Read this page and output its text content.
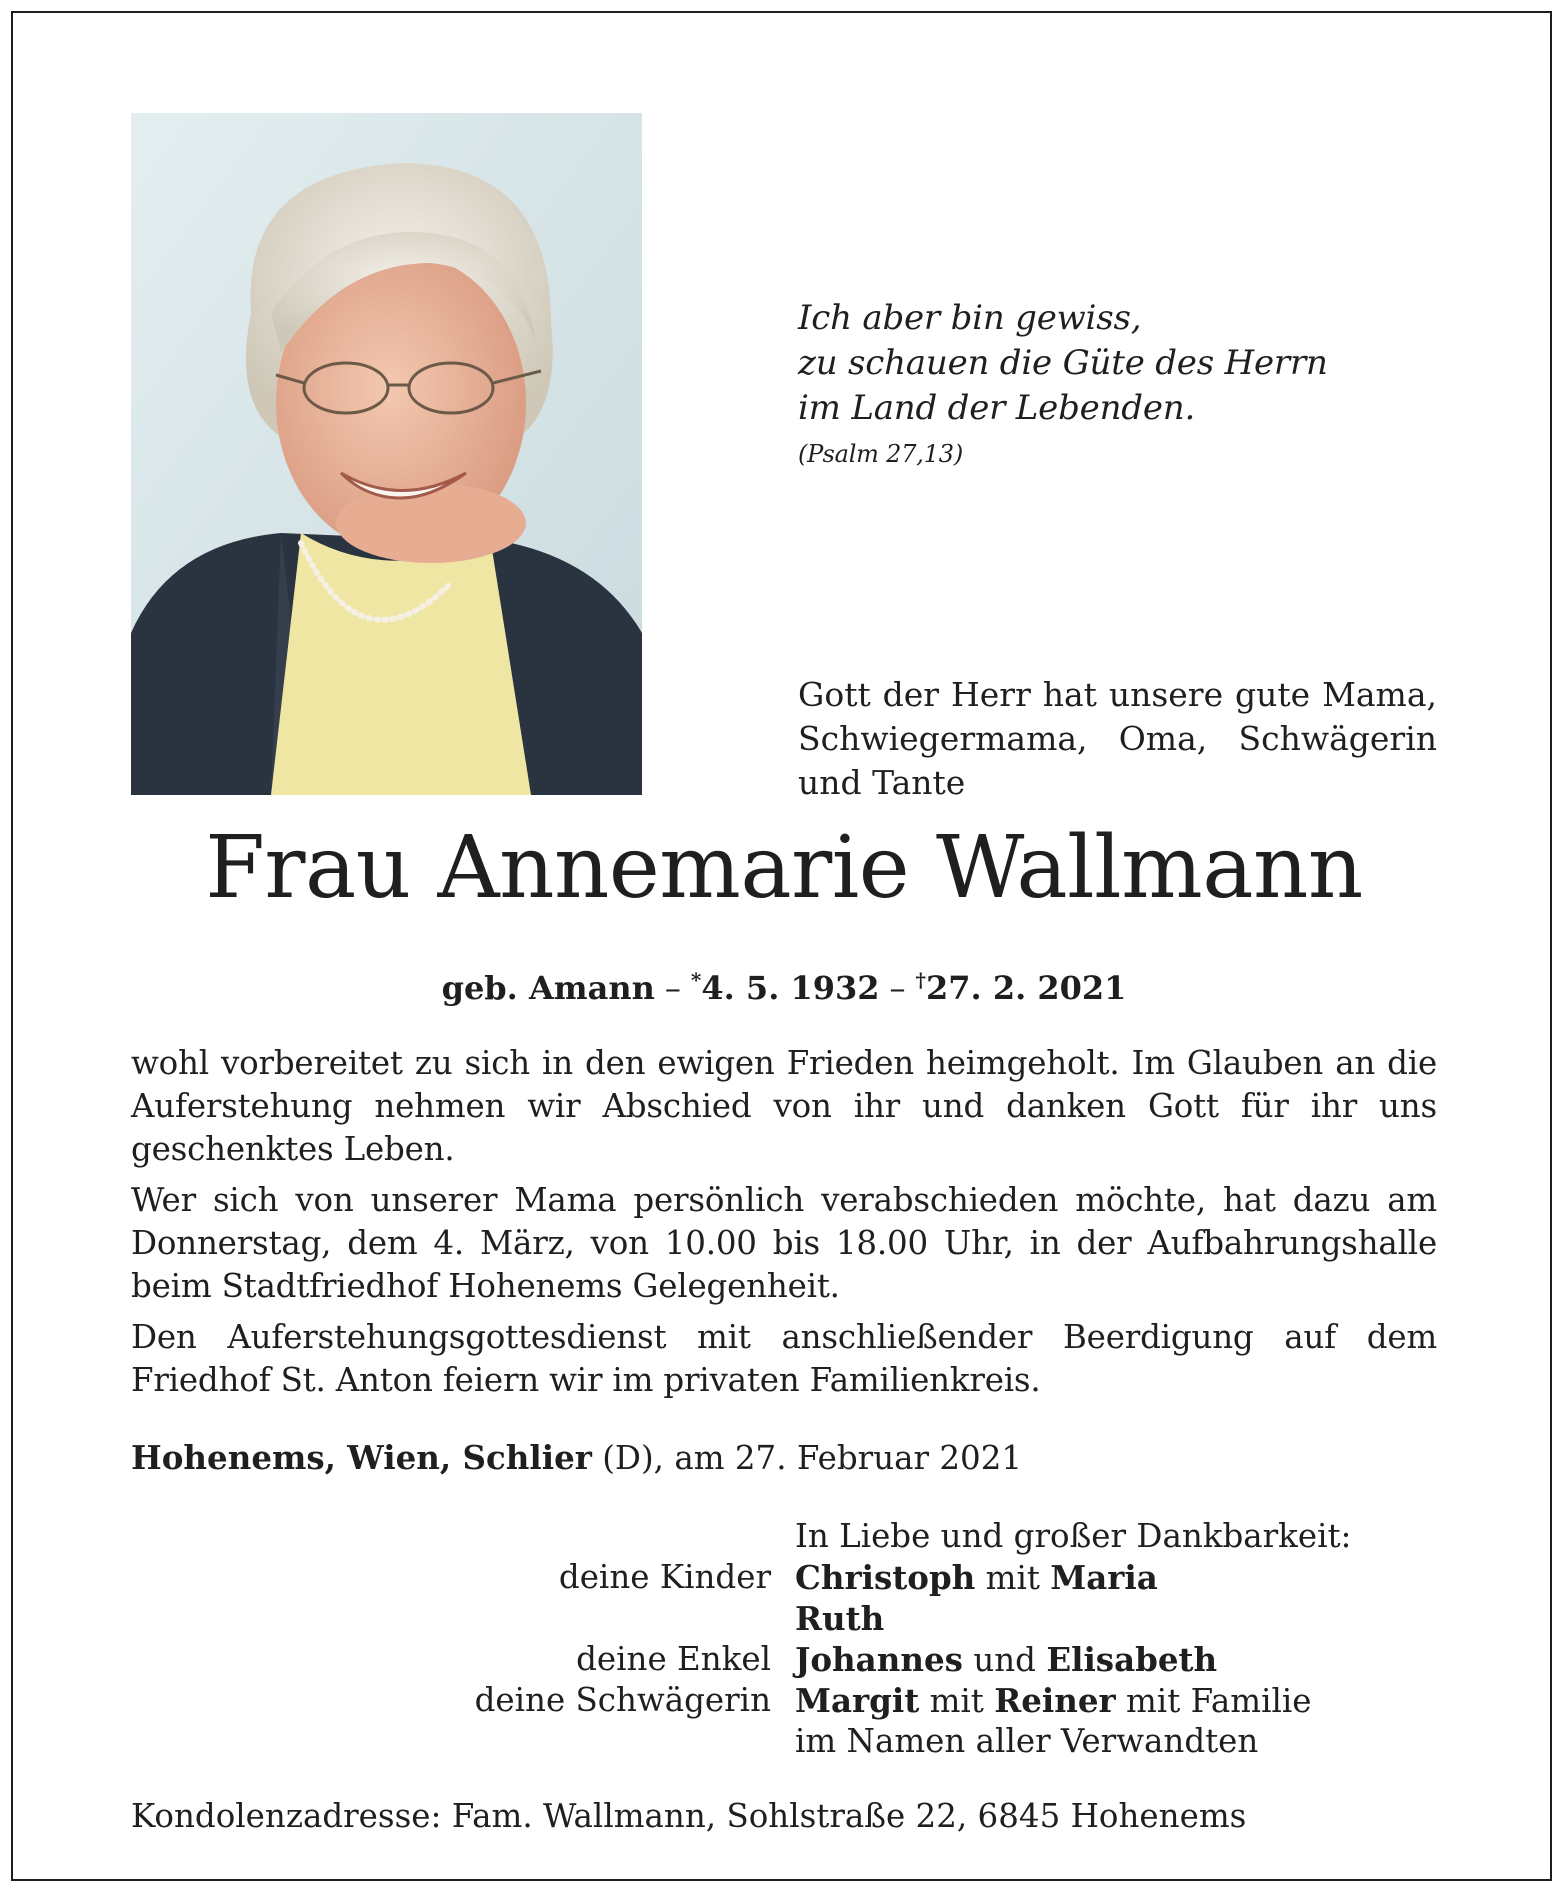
Ich aber bin gewiss,
zu schauen die Güte des Herrn
im Land der Lebenden.
(Psalm 27,13)
Gott der Herr hat unsere gute Mama, Schwiegermama, Oma, Schwägerin und Tante
Frau Annemarie Wallmann
geb. Amann – *4. 5. 1932 – †27. 2. 2021

wohl vorbereitet zu sich in den ewigen Frieden heimgeholt. Im Glauben an die Auferstehung nehmen wir Abschied von ihr und danken Gott für ihr uns geschenktes Leben.

Wer sich von unserer Mama persönlich verabschieden möchte, hat dazu am Donnerstag, dem 4. März, von 10.00 bis 18.00 Uhr, in der Aufbahrungshalle beim Stadtfriedhof Hohenems Gelegenheit.

Den Auferstehungsgottesdienst mit anschließender Beerdigung auf dem Friedhof St. Anton feiern wir im privaten Familienkreis.

Hohenems, Wien, Schlier (D), am 27. Februar 2021
In Liebe und großer Dankbarkeit:
deine Kinder
deine Enkel
deine Schwägerin
Christoph mit Maria
Ruth
Johannes und Elisabeth
Margit mit Reiner mit Familie
im Namen aller Verwandten
Kondolenzadresse: Fam. Wallmann, Sohlstraße 22, 6845 Hohenems
